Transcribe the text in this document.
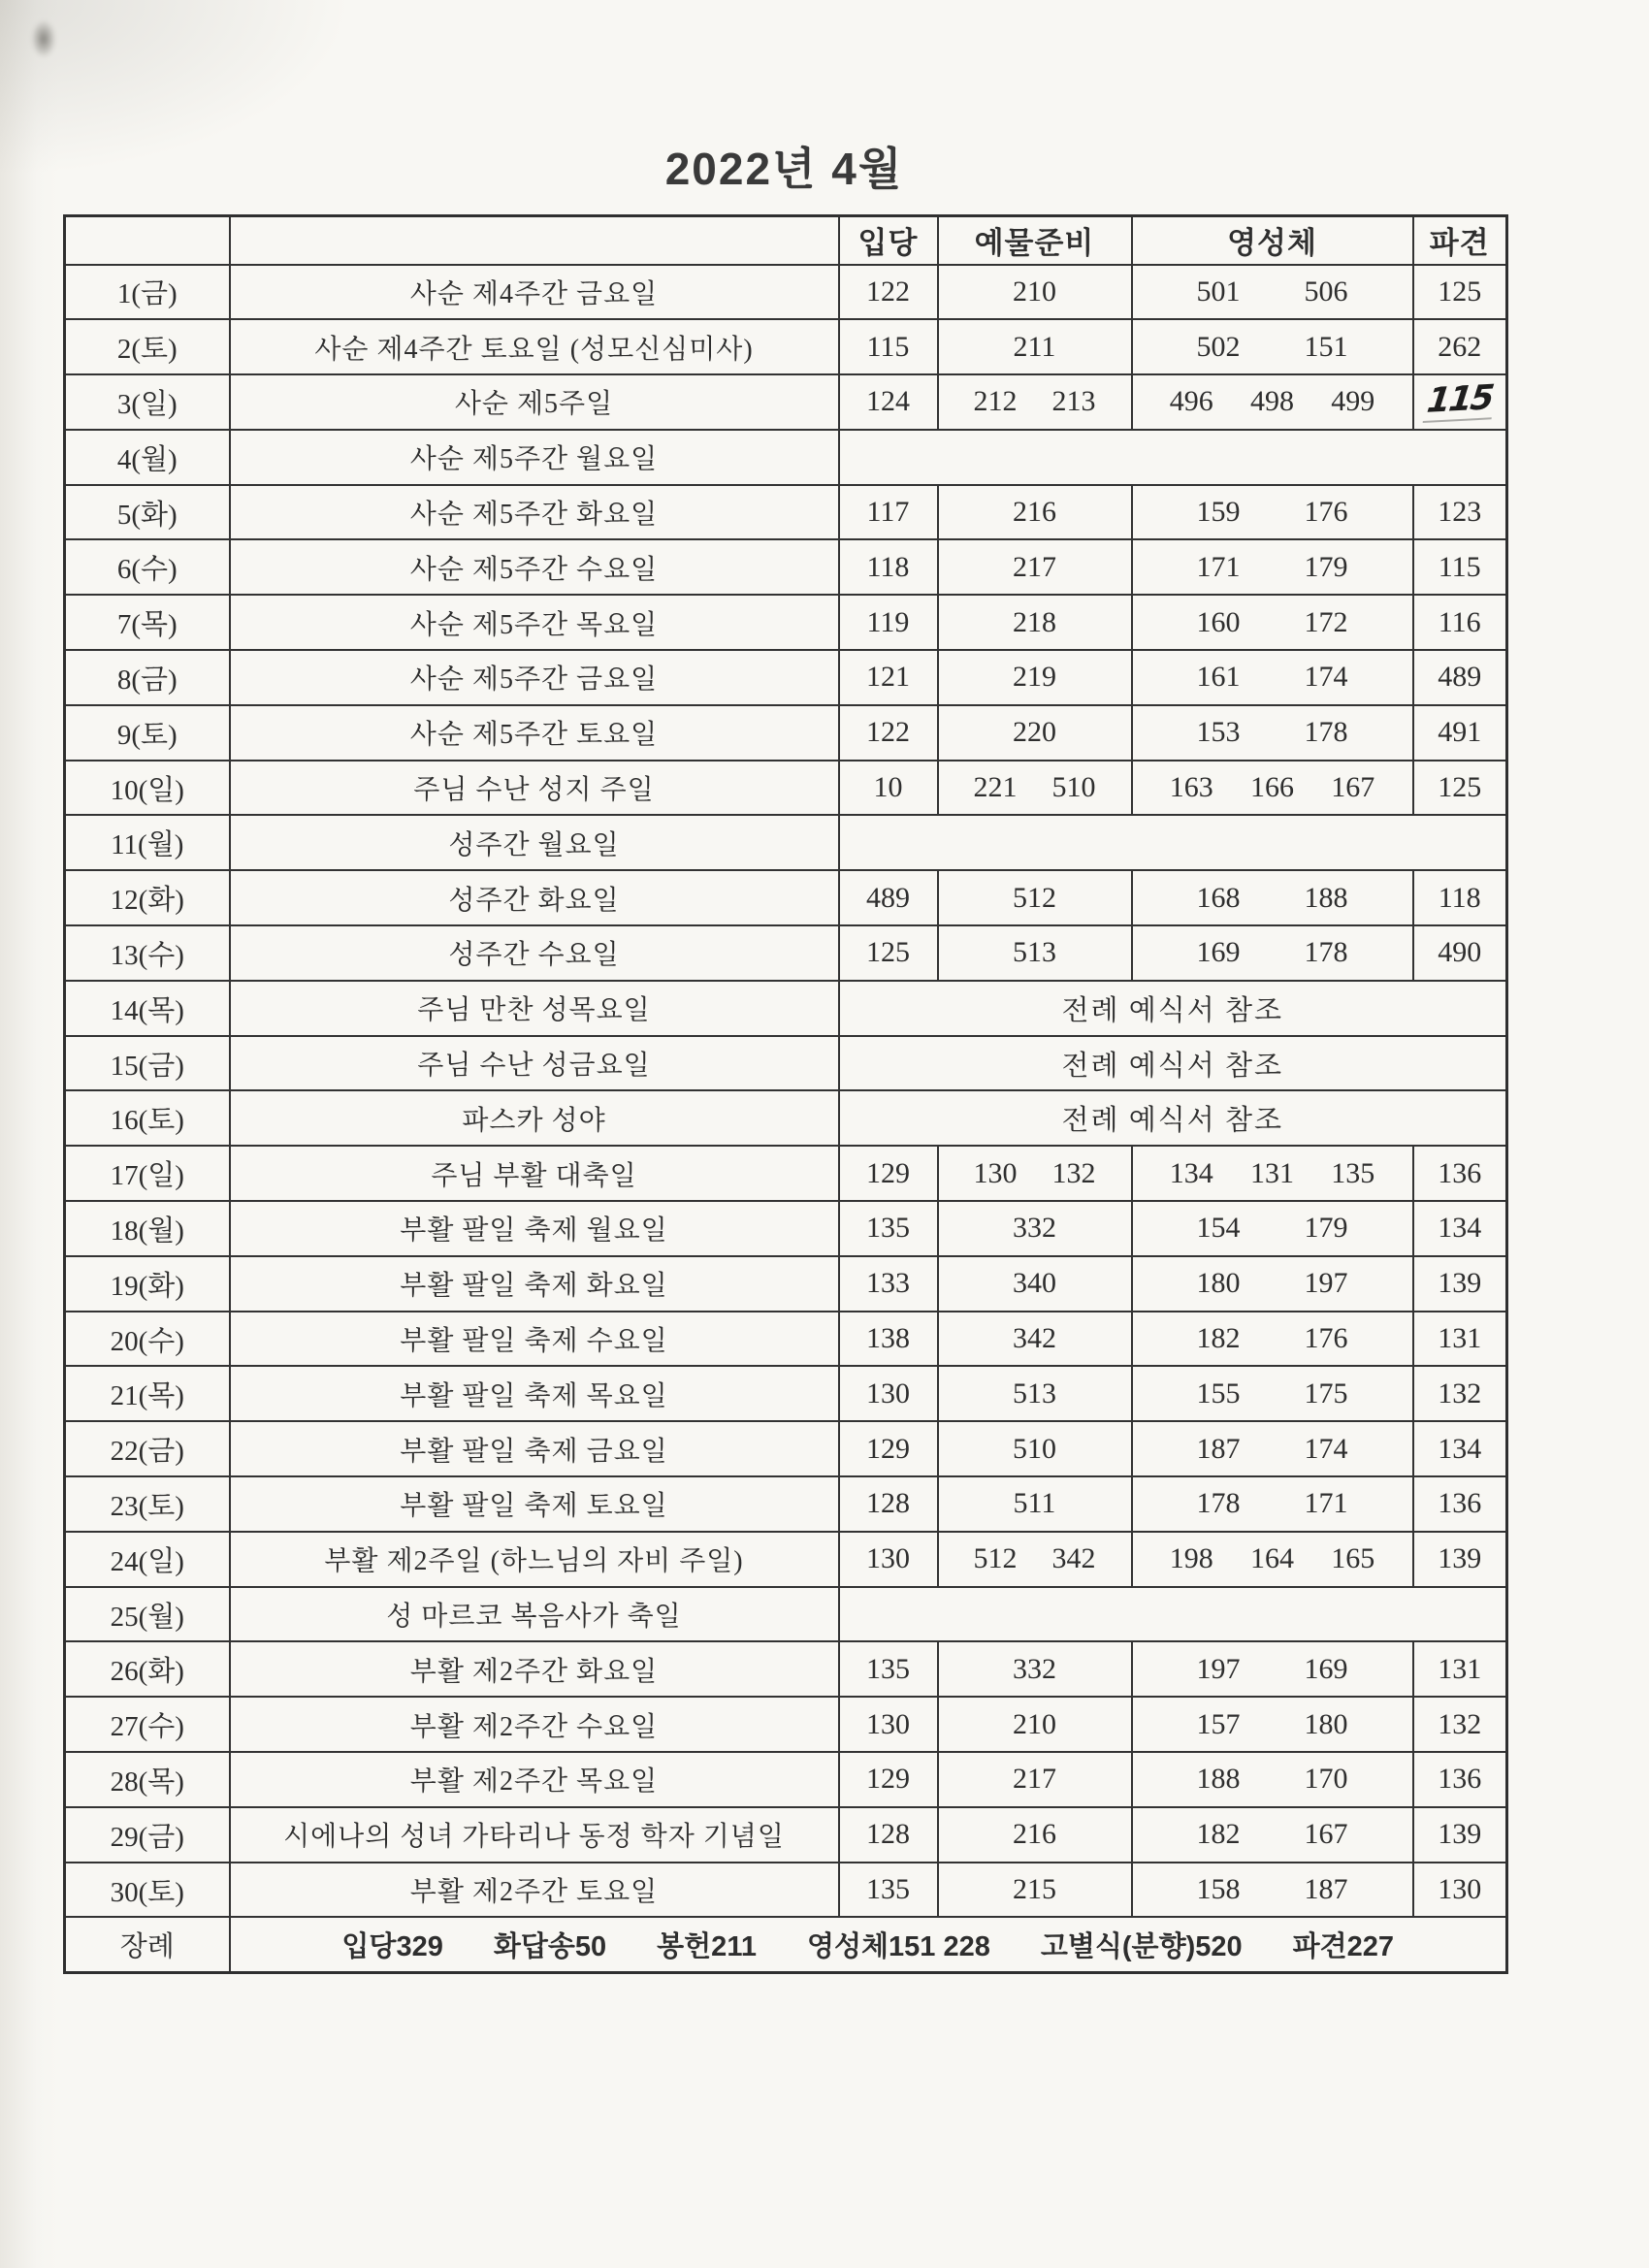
2022년 4월
		입당	예물준비	영성체	파견
1(금)	사순 제4주간 금요일	122	210	501 506	125
2(토)	사순 제4주간 토요일 (성모신심미사)	115	211	502 151	262
3(일)	사순 제5주일	124	212 213	496 498 499	115
4(월)	사순 제5주간 월요일				
5(화)	사순 제5주간 화요일	117	216	159 176	123
6(수)	사순 제5주간 수요일	118	217	171 179	115
7(목)	사순 제5주간 목요일	119	218	160 172	116
8(금)	사순 제5주간 금요일	121	219	161 174	489
9(토)	사순 제5주간 토요일	122	220	153 178	491
10(일)	주님 수난 성지 주일	10	221 510	163 166 167	125
11(월)	성주간 월요일				
12(화)	성주간 화요일	489	512	168 188	118
13(수)	성주간 수요일	125	513	169 178	490
14(목)	주님 만찬 성목요일	전례 예식서 참조			
15(금)	주님 수난 성금요일	전례 예식서 참조			
16(토)	파스카 성야	전례 예식서 참조			
17(일)	주님 부활 대축일	129	130 132	134 131 135	136
18(월)	부활 팔일 축제 월요일	135	332	154 179	134
19(화)	부활 팔일 축제 화요일	133	340	180 197	139
20(수)	부활 팔일 축제 수요일	138	342	182 176	131
21(목)	부활 팔일 축제 목요일	130	513	155 175	132
22(금)	부활 팔일 축제 금요일	129	510	187 174	134
23(토)	부활 팔일 축제 토요일	128	511	178 171	136
24(일)	부활 제2주일 (하느님의 자비 주일)	130	512 342	198 164 165	139
25(월)	성 마르코 복음사가 축일				
26(화)	부활 제2주간 화요일	135	332	197 169	131
27(수)	부활 제2주간 수요일	130	210	157 180	132
28(목)	부활 제2주간 목요일	129	217	188 170	136
29(금)	시에나의 성녀 가타리나 동정 학자 기념일	128	216	182 167	139
30(토)	부활 제2주간 토요일	135	215	158 187	130
장례	입당329 화답송50 봉헌211 영성체151 228 고별식(분향)520 파견227
